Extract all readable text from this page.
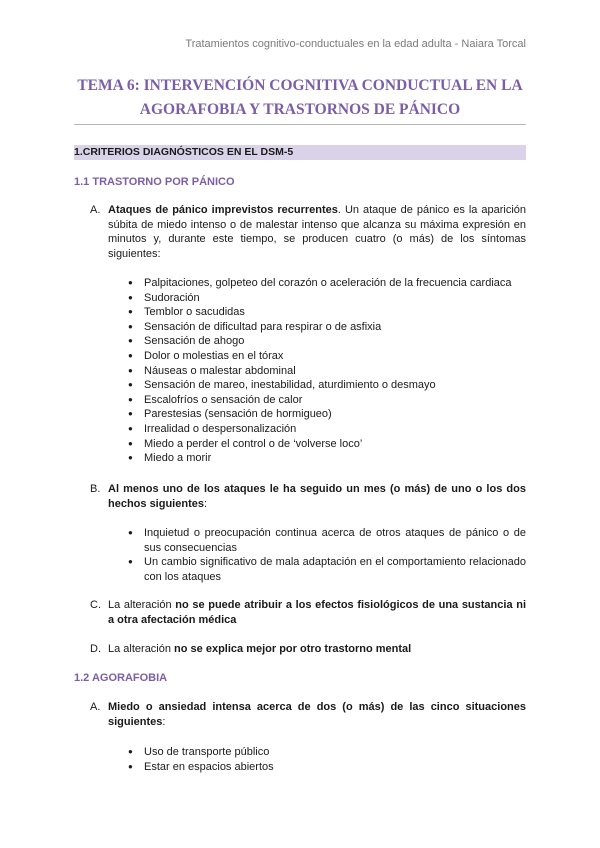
Tratamientos cognitivo-conductuales en la edad adulta - Naiara Torcal
TEMA 6: INTERVENCIÓN COGNITIVA CONDUCTUAL EN LA
AGORAFOBIA Y TRASTORNOS DE PÁNICO
1.CRITERIOS DIAGNÓSTICOS EN EL DSM-5
1.1 TRASTORNO POR PÁNICO
A. Ataques de pánico imprevistos recurrentes. Un ataque de pánico es la aparición súbita de miedo intenso o de malestar intenso que alcanza su máxima expresión en minutos y, durante este tiempo, se producen cuatro (o más) de los síntomas siguientes:
● Palpitaciones, golpeteo del corazón o aceleración de la frecuencia cardiaca
● Sudoración
● Temblor o sacudidas
● Sensación de dificultad para respirar o de asfixia
● Sensación de ahogo
● Dolor o molestias en el tórax
● Náuseas o malestar abdominal
● Sensación de mareo, inestabilidad, aturdimiento o desmayo
● Escalofríos o sensación de calor
● Parestesias (sensación de hormigueo)
● Irrealidad o despersonalización
● Miedo a perder el control o de ‘volverse loco’
● Miedo a morir
B. Al menos uno de los ataques le ha seguido un mes (o más) de uno o los dos hechos siguientes:
● Inquietud o preocupación continua acerca de otros ataques de pánico o de sus consecuencias
● Un cambio significativo de mala adaptación en el comportamiento relacionado con los ataques
C. La alteración no se puede atribuir a los efectos fisiológicos de una sustancia ni a otra afectación médica
D. La alteración no se explica mejor por otro trastorno mental
1.2 AGORAFOBIA
A. Miedo o ansiedad intensa acerca de dos (o más) de las cinco situaciones siguientes:
● Uso de transporte público
● Estar en espacios abiertos
